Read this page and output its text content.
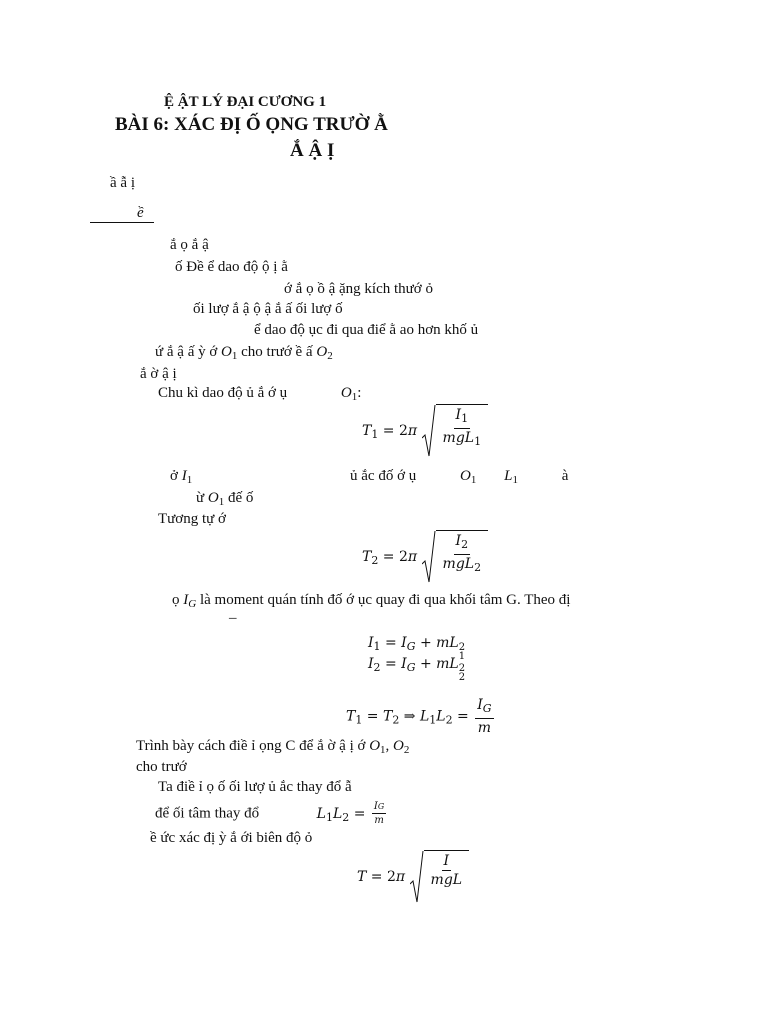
Ệ ẬT LÝ ĐẠI CƯƠNG 1
BÀI 6: XÁC ĐỊ Ố ỌNG TRƯỜ Ằ
Ắ Ậ Ị
ầ ẫ ị
ề
ắ ọ ắ ậ
ố Đề ể dao độ ộ ị ằ
ớ ắ ọ ồ ậ ặng kích thướ ỏ
ối lượ ắ ậ ộ ậ ắ ấ ối lượ ố
ể dao độ ục đi qua điể ằ ao hơn khố ủ
ứ ắ ậ ấ ỳ ớ $O_1$ cho trướ ề ấ $O_2$
ắ ờ ậ ị
Chu kì dao độ ủ ắ ớ ụ	$O_1$:
$T_1 = 2\pi \frac{I_1}{mgL_1}$
ở $I_1$	ủ ắc đố ớ ụ	$O_1$ $L_1$	à
ừ $O_1$ đế ố
Tương tự ớ
$T_2 = 2\pi \frac{I_2}{mgL_2}$
ọ $I_G$ là moment quán tính đố ớ ục quay đi qua khối tâm G. Theo đị
–
$I_1 = I_G$ + mL 2
1
$I_2 = I_G$ + mL 2
2
$T_1 = T_2$ ⇒ $L_1L_2 = \frac{I_G}{m}$
Trình bày cách điề ỉ ọng C để ắ ờ ậ ị ớ $O_1$, $O_2$
cho trướ
Ta điề ỉ ọ ố ối lượ ủ ắc thay đổ ẫ
để ối tâm thay đổ	$L_1L_2 = \frac{IG}{m}$
ề ức xác đị ỳ ắ ới biên độ ỏ
$T = 2\pi \frac{I}{\text{mgL}}$
